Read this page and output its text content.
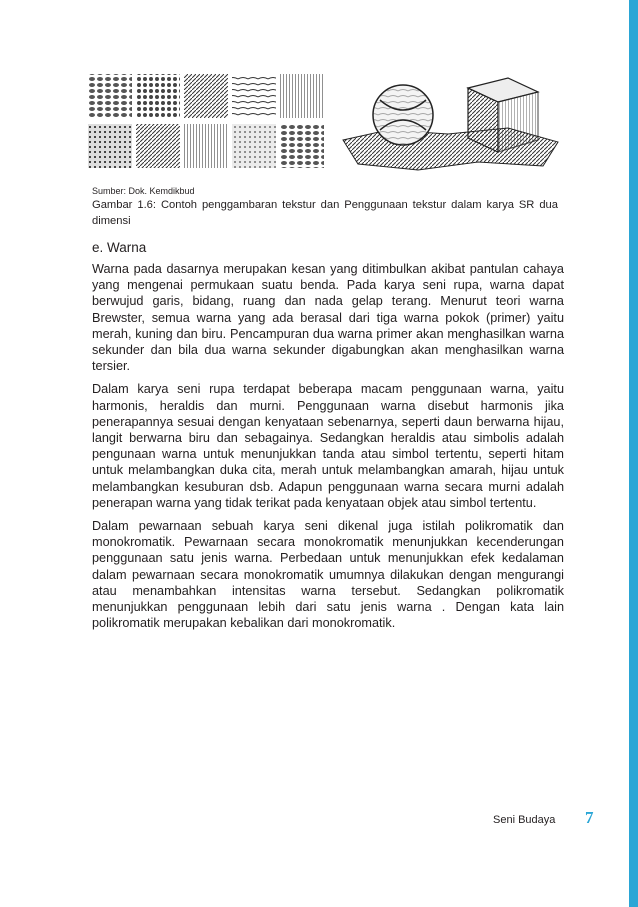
Sumber: Dok. Kemdikbud
Gambar 1.6: Contoh penggambaran tekstur dan Penggunaan tekstur dalam karya SR dua dimensi
e. Warna

Warna pada dasarnya merupakan kesan yang ditimbulkan akibat pantulan cahaya yang mengenai permukaan suatu benda. Pada karya seni rupa, warna dapat berwujud garis, bidang, ruang dan nada gelap terang. Menurut teori warna Brewster, semua warna yang ada berasal dari tiga warna pokok (primer) yaitu merah, kuning dan biru. Pencampuran dua warna primer akan menghasilkan warna sekunder dan bila dua warna sekunder digabungkan akan menghasilkan warna tersier.

Dalam karya seni rupa terdapat beberapa macam penggunaan warna, yaitu harmonis, heraldis dan murni. Penggunaan warna disebut harmonis jika penerapannya sesuai dengan kenyataan sebenarnya, seperti daun berwarna hijau, langit berwarna biru dan sebagainya. Sedangkan heraldis atau simbolis adalah pengunaan warna untuk menunjukkan tanda atau simbol tertentu, seperti hitam untuk melambangkan duka cita, merah untuk melambangkan amarah, hijau untuk melambangkan kesuburan dsb. Adapun penggunaan warna secara murni adalah penerapan warna yang tidak terikat pada kenyataan objek atau simbol tertentu.

Dalam pewarnaan sebuah karya seni dikenal juga istilah polikromatik dan monokromatik. Pewarnaan secara monokromatik menunjukkan kecenderungan penggunaan satu jenis warna. Perbedaan untuk menunjukkan efek kedalaman dalam pewarnaan secara monokromatik umumnya dilakukan dengan mengurangi atau menambahkan intensitas warna tersebut. Sedangkan polikromatik menunjukkan penggunaan lebih dari satu jenis warna . Dengan kata lain polikromatik merupakan kebalikan dari monokromatik.

Seni Budaya 7
